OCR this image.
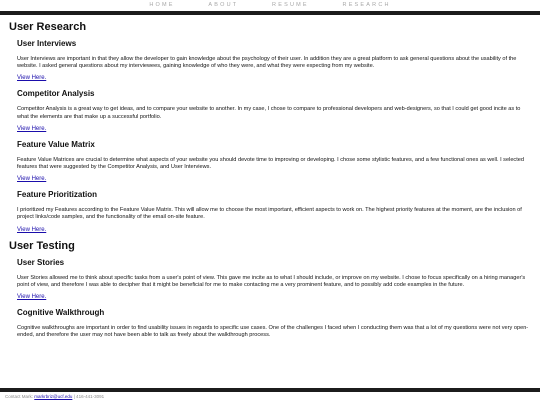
HOME	ABOUT	RESUME	RESEARCH
User Research
User Interviews

User Interviews are important in that they allow the developer to gain knowledge about the psychology of their user. In addition they are a great platform to ask general questions about the usability of the website. I asked general questions about my interviewees, gaining knowledge of who they were, and what they were expecting from my website.

View Here.
Competitor Analysis

Competitor Analysis is a great way to get ideas, and to compare your website to another. In my case, I chose to compare to professional developers and web-designers, so that I could get good incite as to what the elements are that make up a successful portfolio.

View Here.
Feature Value Matrix

Feature Value Matrices are crucial to determine what aspects of your website you should devote time to improving or developing. I chose some stylistic features, and a few functional ones as well. I selected features that were suggested by the Competitor Analysis, and User Interviews.

View Here.
Feature Prioritization

I prioritized my Features according to the Feature Value Matrix. This will allow me to choose the most important, efficient aspects to work on. The highest priority features at the moment, are the inclusion of project links/code samples, and the functionality of the email on-site feature.

View Here.
User Testing
User Stories

User Stories allowed me to think about specific tasks from a user's point of view. This gave me incite as to what I should include, or improve on my website. I chose to focus specifically on a hiring manager's point of view, and therefore I was able to decipher that it might be beneficial for me to make contacting me a very prominent feature, and to possibly add code examples in the future.

View Here.
Cognitive Walkthrough

Cognitive walkthroughs are important in order to find usability issues in regards to specific use cases. One of the challenges I faced when I conducting them was that a lot of my questions were not very open-ended, and therefore the user may not have been able to talk as freely about the walkthrough process.

Contact Mark: markrbriz@ucf.edu | 416-441-3091
